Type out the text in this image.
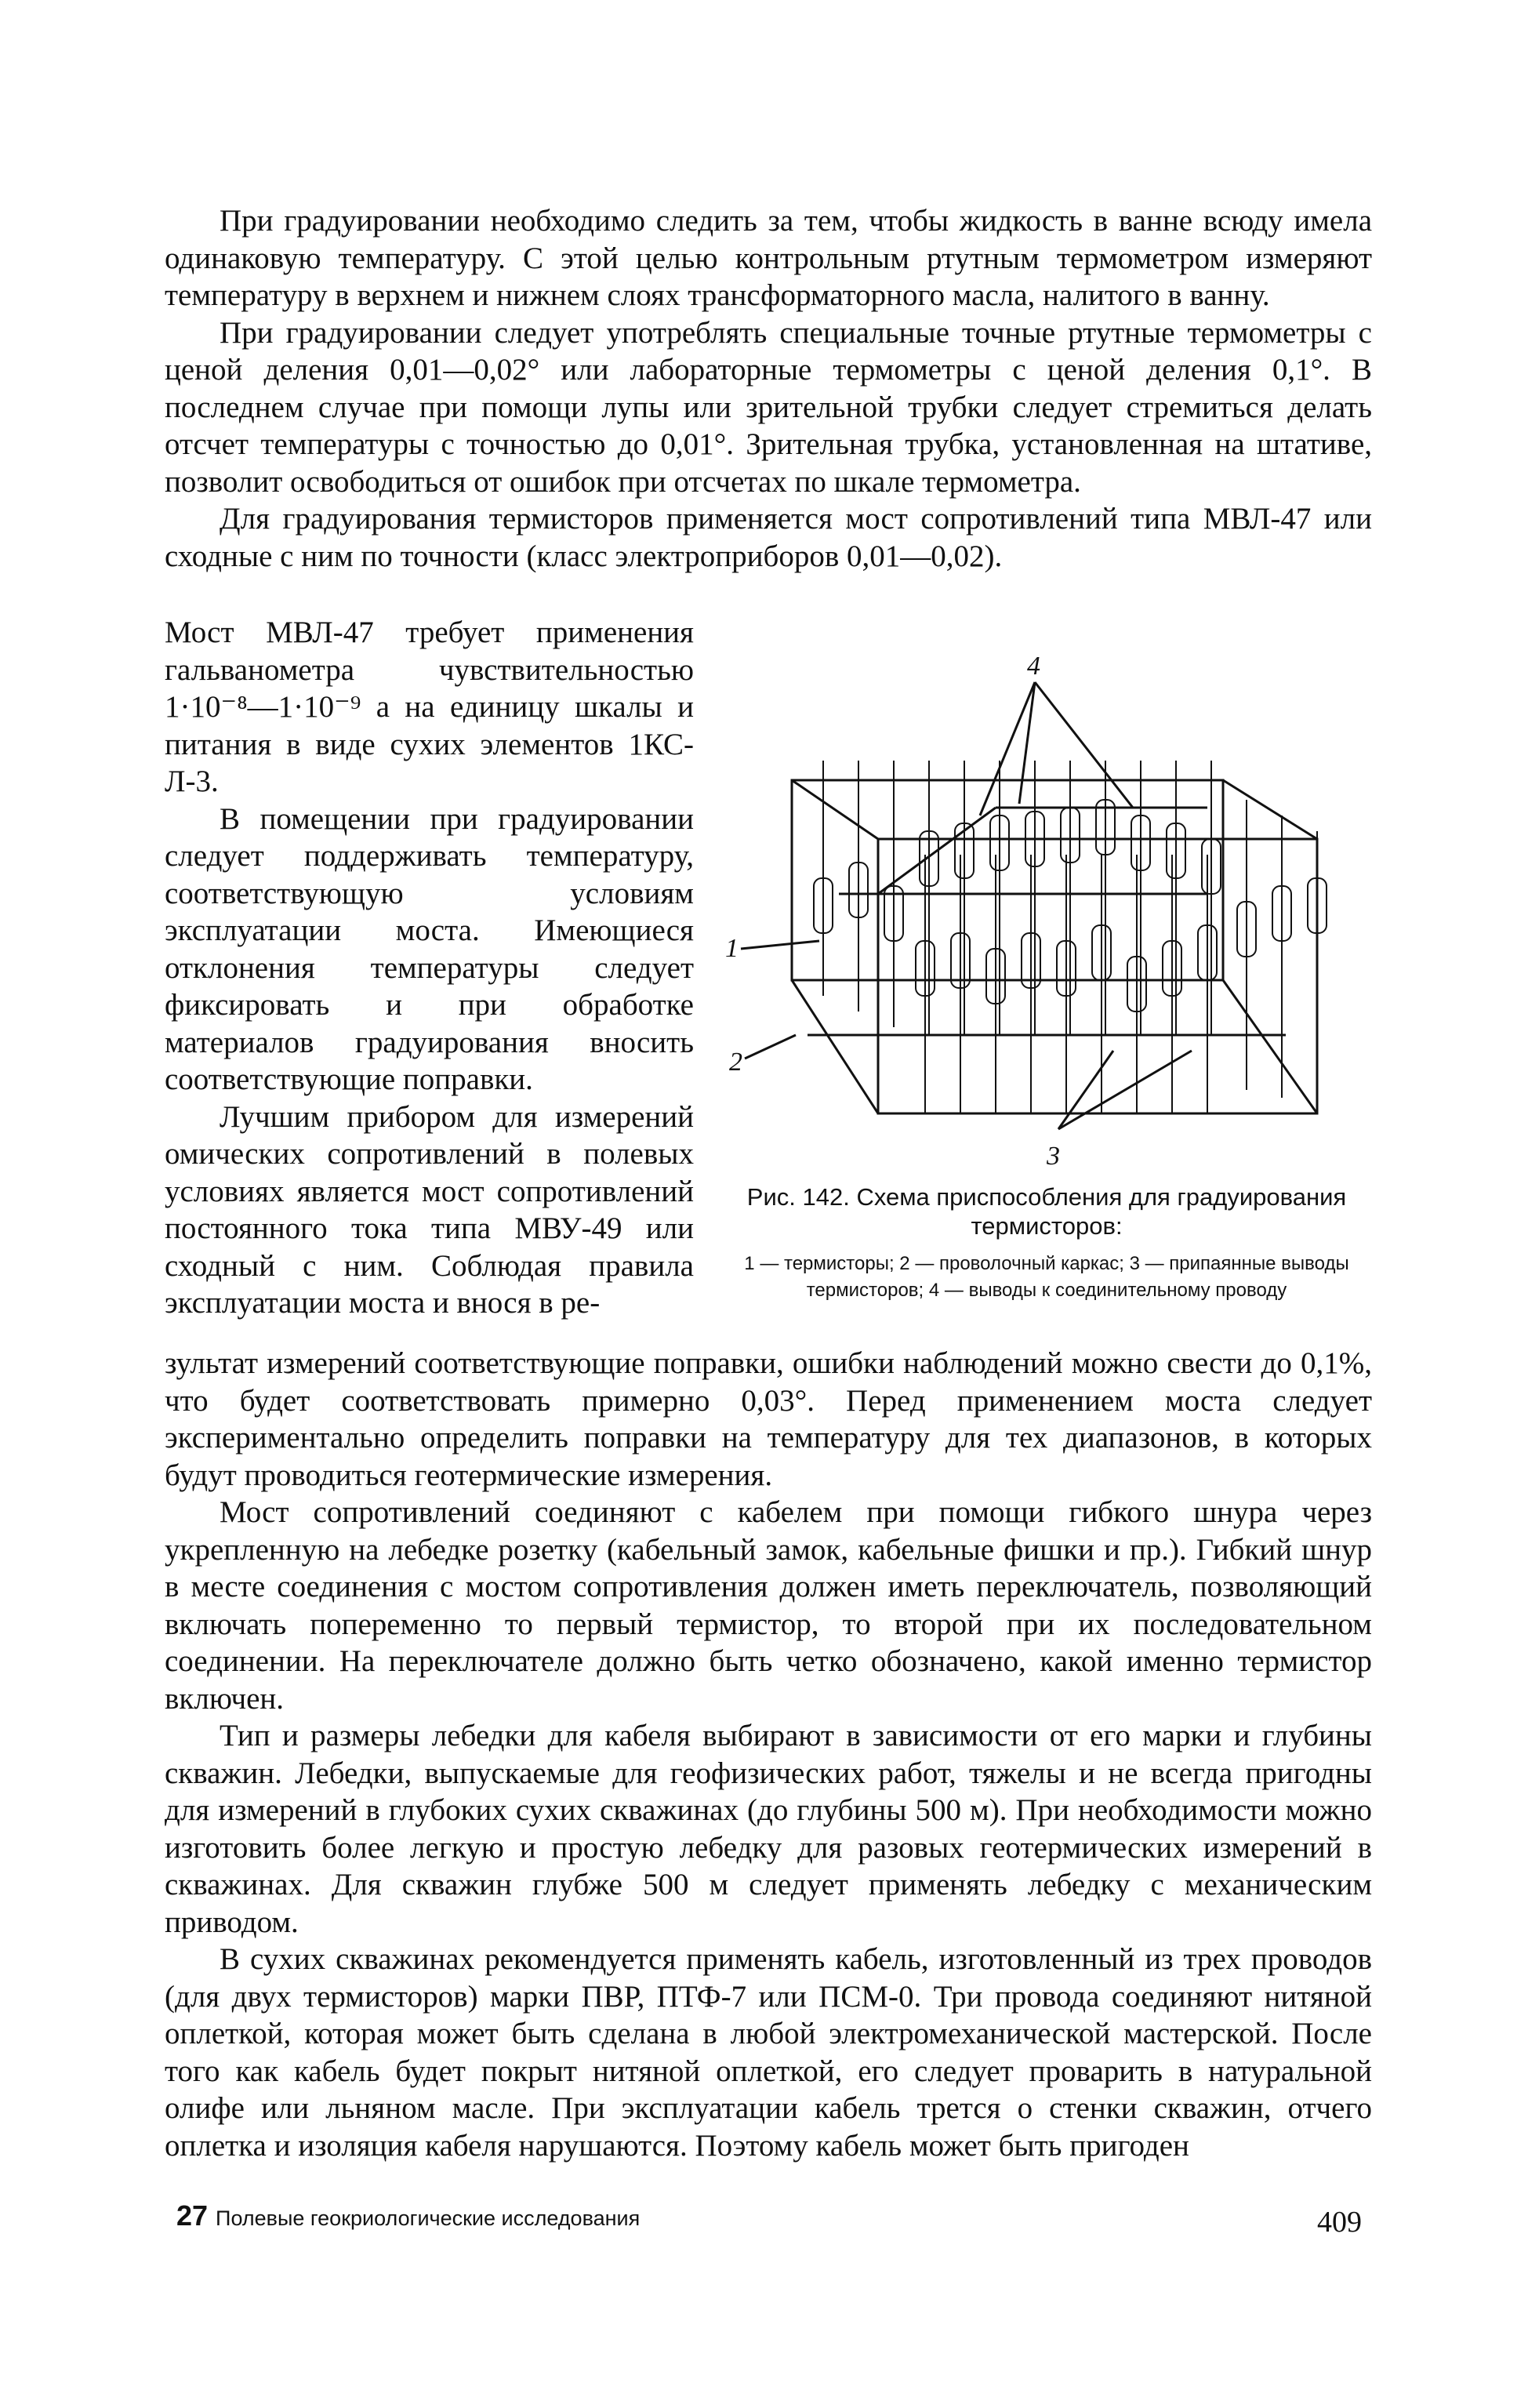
При градуировании необходимо следить за тем, чтобы жидкость в ванне всюду имела одинаковую температуру. С этой целью контрольным ртутным термометром измеряют температуру в верхнем и нижнем слоях трансформаторного масла, налитого в ванну.

При градуировании следует употреблять специальные точные ртутные термометры с ценой деления 0,01—0,02° или лабораторные термометры с ценой деления 0,1°. В последнем случае при помощи лупы или зрительной трубки следует стремиться делать отсчет температуры с точностью до 0,01°. Зрительная трубка, установленная на штативе, позволит освободиться от ошибок при отсчетах по шкале термометра.

Для градуирования термисторов применяется мост сопротивлений типа МВЛ-47 или сходные с ним по точности (класс электроприборов 0,01—0,02).

Мост МВЛ-47 требует применения гальванометра чувствительностью 1·10⁻⁸—1·10⁻⁹ а на единицу шкалы и питания в виде сухих элементов 1КС-Л-3.

В помещении при градуировании следует поддерживать температуру, соответствующую условиям эксплуатации моста. Имеющиеся отклонения температуры следует фиксировать и при обработке материалов градуирования вносить соответствующие поправки.

Лучшим прибором для измерений омических сопротивлений в полевых условиях является мост сопротивлений постоянного тока типа МВУ-49 или сходный с ним. Соблюдая правила эксплуатации моста и внося в ре-

4
1
2
3
Рис. 142. Схема приспособления для градуирования термисторов:
1 — термисторы; 2 — проволочный каркас; 3 — припаянные выводы термисторов; 4 — выводы к соединительному проводу

зультат измерений соответствующие поправки, ошибки наблюдений можно свести до 0,1%, что будет соответствовать примерно 0,03°. Перед применением моста следует экспериментально определить поправки на температуру для тех диапазонов, в которых будут проводиться геотермические измерения.

Мост сопротивлений соединяют с кабелем при помощи гибкого шнура через укрепленную на лебедке розетку (кабельный замок, кабельные фишки и пр.). Гибкий шнур в месте соединения с мостом сопротивления должен иметь переключатель, позволяющий включать попеременно то первый термистор, то второй при их последовательном соединении. На переключателе должно быть четко обозначено, какой именно термистор включен.

Тип и размеры лебедки для кабеля выбирают в зависимости от его марки и глубины скважин. Лебедки, выпускаемые для геофизических работ, тяжелы и не всегда пригодны для измерений в глубоких сухих скважинах (до глубины 500 м). При необходимости можно изготовить более легкую и простую лебедку для разовых геотермических измерений в скважинах. Для скважин глубже 500 м следует применять лебедку с механическим приводом.

В сухих скважинах рекомендуется применять кабель, изготовленный из трех проводов (для двух термисторов) марки ПВР, ПТФ-7 или ПСМ-0. Три провода соединяют нитяной оплеткой, которая может быть сделана в любой электромеханической мастерской. После того как кабель будет покрыт нитяной оплеткой, его следует проварить в натуральной олифе или льняном масле. При эксплуатации кабель трется о стенки скважин, отчего оплетка и изоляция кабеля нарушаются. Поэтому кабель может быть пригоден

27 Полевые геокриологические исследования	409
